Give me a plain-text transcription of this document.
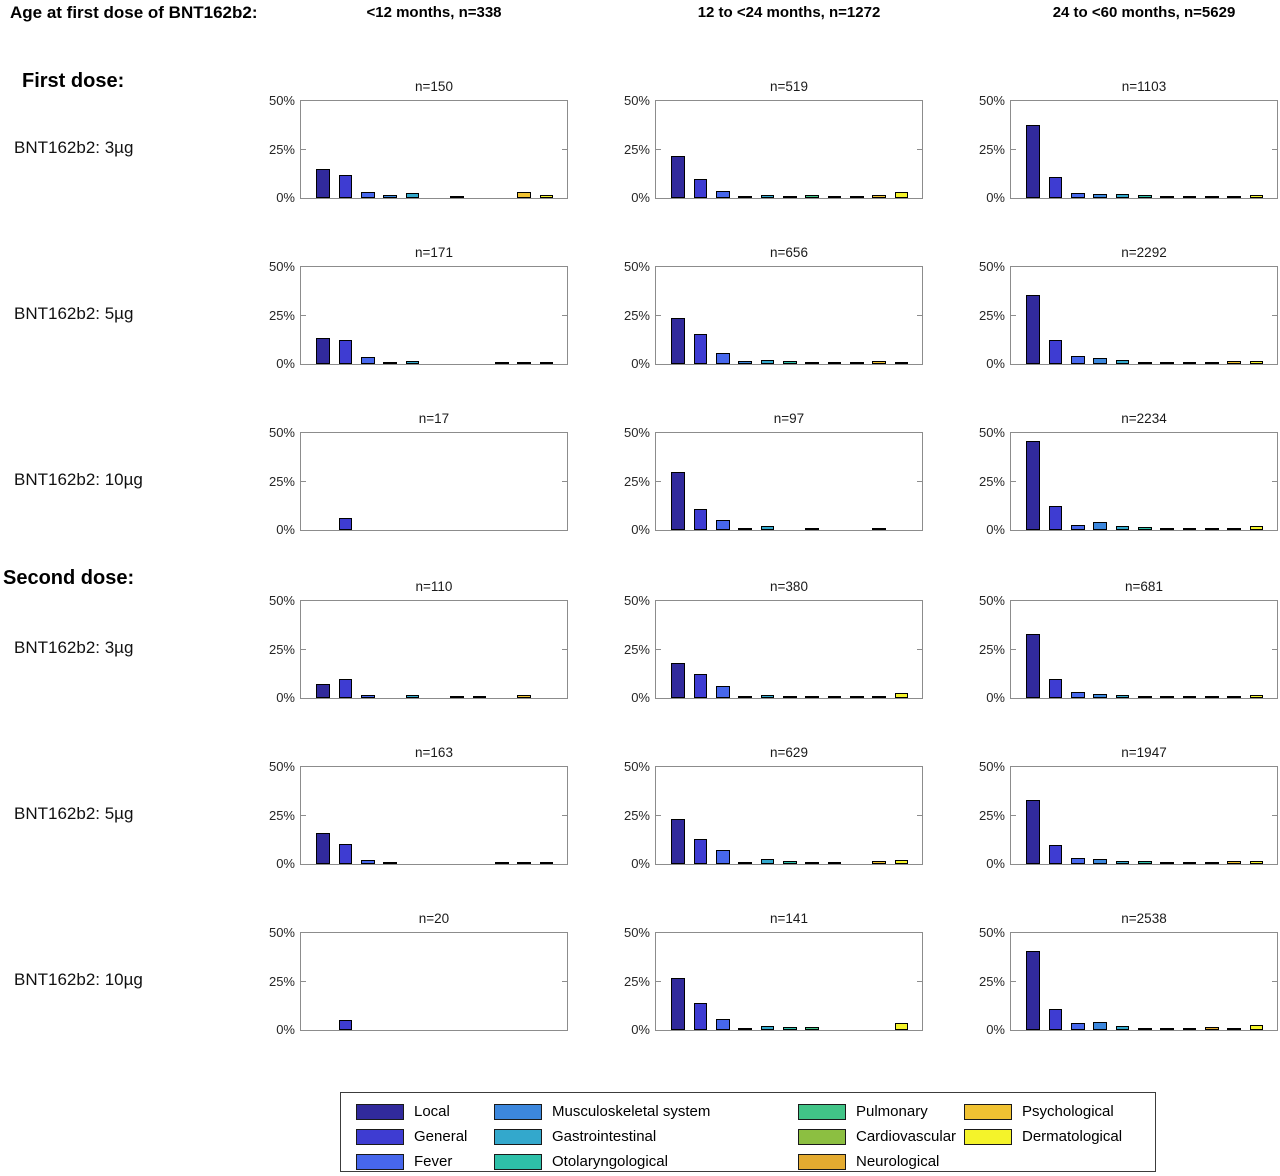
Age at first dose of BNT162b2:	<12 months, n=338	12 to <24 months, n=1272	24 to <60 months, n=5629
First dose:
Second dose:
BNT162b2: 3µg
BNT162b2: 5µg
BNT162b2: 10µg
BNT162b2: 3µg
BNT162b2: 5µg
BNT162b2: 10µg
n=150
50%
25%
0%
n=519
50%
25%
0%
n=1103
50%
25%
0%
n=171
50%
25%
0%
n=656
50%
25%
0%
n=2292
50%
25%
0%
n=17
50%
25%
0%
n=97
50%
25%
0%
n=2234
50%
25%
0%
n=110
50%
25%
0%
n=380
50%
25%
0%
n=681
50%
25%
0%
n=163
50%
25%
0%
n=629
50%
25%
0%
n=1947
50%
25%
0%
n=20
50%
25%
0%
n=141
50%
25%
0%
n=2538
50%
25%
0%
Local
General
Fever
Musculoskeletal system
Gastrointestinal
Otolaryngological
Pulmonary
Cardiovascular
Neurological
Psychological
Dermatological
